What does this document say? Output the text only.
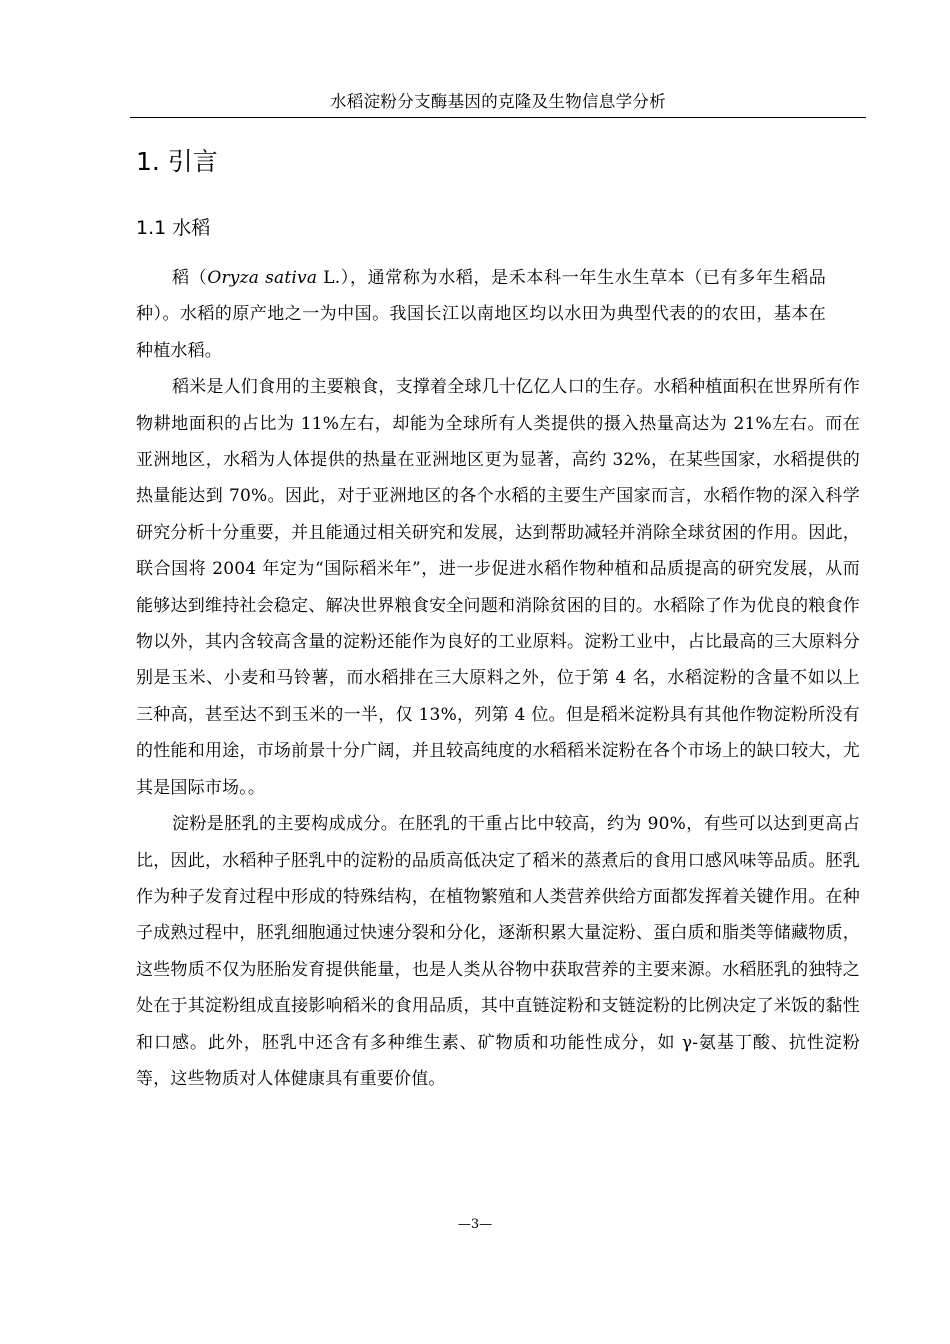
水稻淀粉分支酶基因的克隆及生物信息学分析
1. 引言
1.1 水稻

稻（Oryza sativa L.），通常称为水稻，是禾本科一年生水生草本（已有多年生稻品种）。水稻的原产地之一为中国。我国长江以南地区均以水田为典型代表的的农田，基本在种植水稻。

稻米是人们食用的主要粮食，支撑着全球几十亿亿人口的生存。水稻种植面积在世界所有作物耕地面积的占比为 11%左右，却能为全球所有人类提供的摄入热量高达为 21%左右。而在亚洲地区，水稻为人体提供的热量在亚洲地区更为显著，高约 32%，在某些国家，水稻提供的热量能达到 70%。因此，对于亚洲地区的各个水稻的主要生产国家而言，水稻作物的深入科学研究分析十分重要，并且能通过相关研究和发展，达到帮助减轻并消除全球贫困的作用。因此，联合国将 2004 年定为“国际稻米年”，进一步促进水稻作物种植和品质提高的研究发展，从而能够达到维持社会稳定、解决世界粮食安全问题和消除贫困的目的。水稻除了作为优良的粮食作物以外，其内含较高含量的淀粉还能作为良好的工业原料。淀粉工业中，占比最高的三大原料分别是玉米、小麦和马铃薯，而水稻排在三大原料之外，位于第 4 名，水稻淀粉的含量不如以上三种高，甚至达不到玉米的一半，仅 13%，列第 4 位。但是稻米淀粉具有其他作物淀粉所没有的性能和用途，市场前景十分广阔，并且较高纯度的水稻稻米淀粉在各个市场上的缺口较大，尤其是国际市场。。

淀粉是胚乳的主要构成成分。在胚乳的干重占比中较高，约为 90%，有些可以达到更高占比，因此，水稻种子胚乳中的淀粉的品质高低决定了稻米的蒸煮后的食用口感风味等品质。胚乳作为种子发育过程中形成的特殊结构，在植物繁殖和人类营养供给方面都发挥着关键作用。在种子成熟过程中，胚乳细胞通过快速分裂和分化，逐渐积累大量淀粉、蛋白质和脂类等储藏物质，这些物质不仅为胚胎发育提供能量，也是人类从谷物中获取营养的主要来源。水稻胚乳的独特之处在于其淀粉组成直接影响稻米的食用品质，其中直链淀粉和支链淀粉的比例决定了米饭的黏性和口感。此外，胚乳中还含有多种维生素、矿物质和功能性成分，如 γ-氨基丁酸、抗性淀粉等，这些物质对人体健康具有重要价值。

—3—
